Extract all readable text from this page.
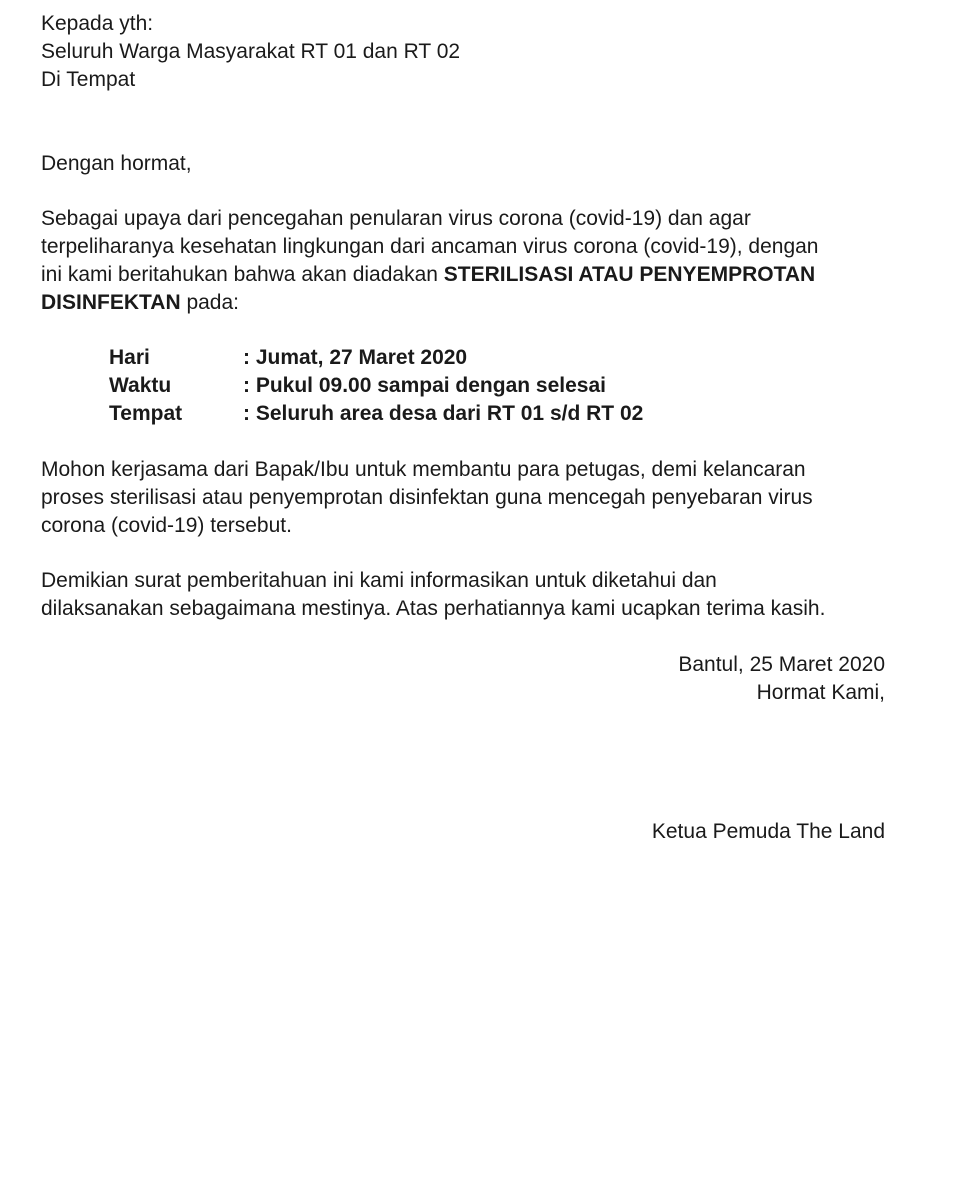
Kepada yth:
Seluruh Warga Masyarakat RT 01 dan RT 02
Di Tempat
Dengan hormat,
Sebagai upaya dari pencegahan penularan virus corona (covid-19) dan agar
terpeliharanya kesehatan lingkungan dari ancaman virus corona (covid-19), dengan
ini kami beritahukan bahwa akan diadakan STERILISASI ATAU PENYEMPROTAN
DISINFEKTAN pada:
Hari	: Jumat, 27 Maret 2020
Waktu	: Pukul 09.00 sampai dengan selesai
Tempat	: Seluruh area desa dari RT 01 s/d RT 02
Mohon kerjasama dari Bapak/Ibu untuk membantu para petugas, demi kelancaran
proses sterilisasi atau penyemprotan disinfektan guna mencegah penyebaran virus
corona (covid-19) tersebut.
Demikian surat pemberitahuan ini kami informasikan untuk diketahui dan
dilaksanakan sebagaimana mestinya. Atas perhatiannya kami ucapkan terima kasih.
Bantul, 25 Maret 2020
Hormat Kami,
Ketua Pemuda The Land
